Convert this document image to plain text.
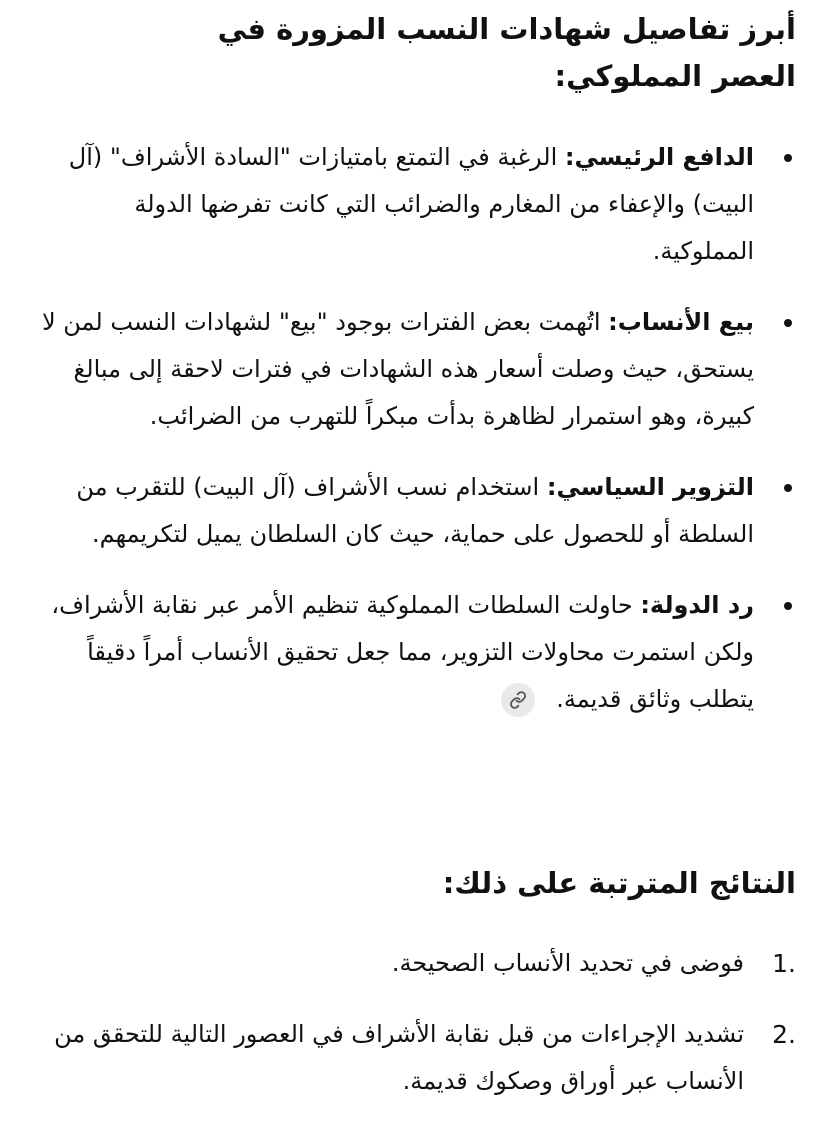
أبرز تفاصيل شهادات النسب المزورة في العصر المملوكي:
الدافع الرئيسي: الرغبة في التمتع بامتيازات "السادة الأشراف" (آل البيت) والإعفاء من المغارم والضرائب التي كانت تفرضها الدولة المملوكية.
بيع الأنساب: اتُهمت بعض الفترات بوجود "بيع" لشهادات النسب لمن لا يستحق، حيث وصلت أسعار هذه الشهادات في فترات لاحقة إلى مبالغ كبيرة، وهو استمرار لظاهرة بدأت مبكراً للتهرب من الضرائب.
التزوير السياسي: استخدام نسب الأشراف (آل البيت) للتقرب من السلطة أو للحصول على حماية، حيث كان السلطان يميل لتكريمهم.
رد الدولة: حاولت السلطات المملوكية تنظيم الأمر عبر نقابة الأشراف، ولكن استمرت محاولات التزوير، مما جعل تحقيق الأنساب أمراً دقيقاً يتطلب وثائق قديمة.
النتائج المترتبة على ذلك:
1.
فوضى في تحديد الأنساب الصحيحة.
2.
تشديد الإجراءات من قبل نقابة الأشراف في العصور التالية للتحقق من الأنساب عبر أوراق وصكوك قديمة.
